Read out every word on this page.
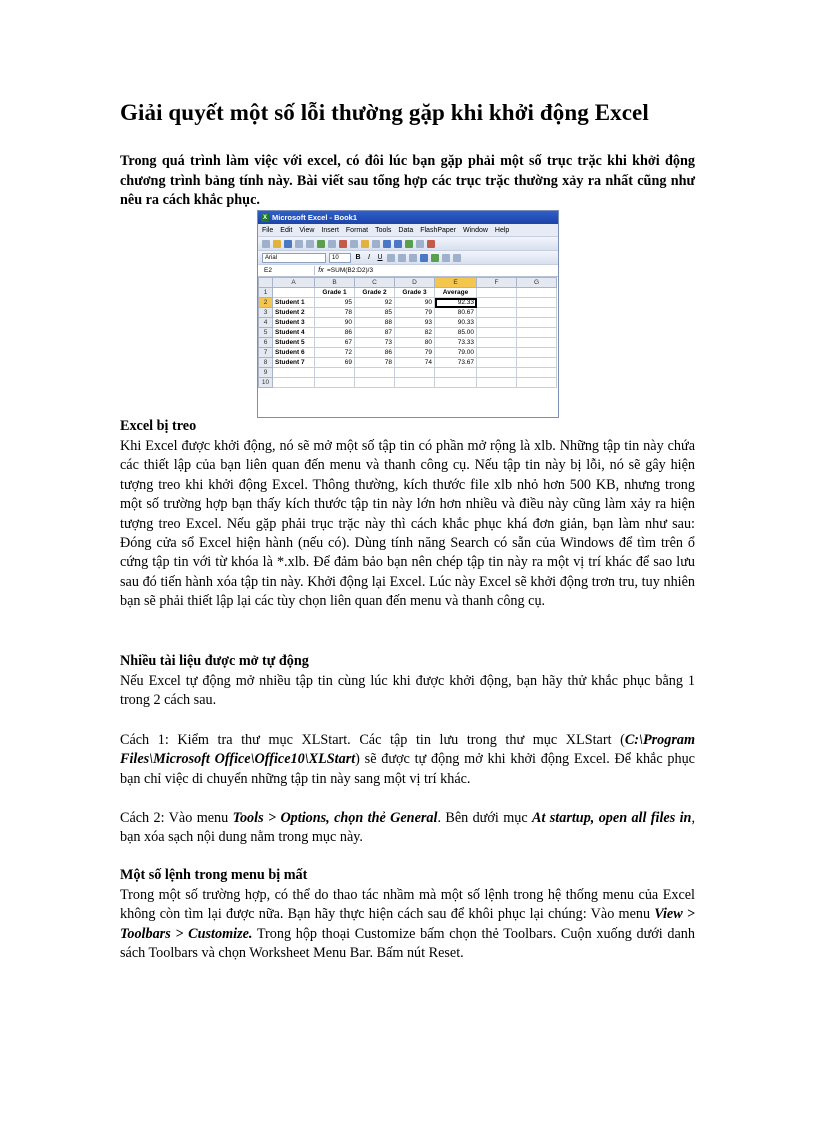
Giải quyết một số lỗi thường gặp khi khởi động Excel

Trong quá trình làm việc với excel, có đôi lúc bạn gặp phải một số trục trặc khi khởi động chương trình bảng tính này. Bài viết sau tổng hợp các trục trặc thường xảy ra nhất cũng như nêu ra cách khắc phục.

X Microsoft Excel - Book1
File Edit View Insert Format Tools Data FlashPaper Window Help
Arial	10	B	I	U
E2	fx =SUM(B2:D2)/3
	A	B	C	D	E	F	G
1		Grade 1	Grade 2	Grade 3	Average		
2	Student 1	95	92	90	92.33		
3	Student 2	78	85	79	80.67		
4	Student 3	90	88	93	90.33		
5	Student 4	86	87	82	85.00		
6	Student 5	67	73	80	73.33		
7	Student 6	72	86	79	79.00		
8	Student 7	69	78	74	73.67		
9							
10							
Excel bị treo

Khi Excel được khởi động, nó sẽ mở một số tập tin có phần mở rộng là xlb. Những tập tin này chứa các thiết lập của bạn liên quan đến menu và thanh công cụ. Nếu tập tin này bị lỗi, nó sẽ gây hiện tượng treo khi khởi động Excel. Thông thường, kích thước file xlb nhỏ hơn 500 KB, nhưng trong một số trường hợp bạn thấy kích thước tập tin này lớn hơn nhiều và điều này cũng làm xảy ra hiện tượng treo Excel. Nếu gặp phải trục trặc này thì cách khắc phục khá đơn giản, bạn làm như sau: Đóng cửa sổ Excel hiện hành (nếu có). Dùng tính năng Search có sẵn của Windows để tìm trên ổ cứng tập tin với từ khóa là *.xlb. Để đảm bảo bạn nên chép tập tin này ra một vị trí khác để sao lưu sau đó tiến hành xóa tập tin này. Khởi động lại Excel. Lúc này Excel sẽ khởi động trơn tru, tuy nhiên bạn sẽ phải thiết lập lại các tùy chọn liên quan đến menu và thanh công cụ.

Nhiều tài liệu được mở tự động

Nếu Excel tự động mở nhiều tập tin cùng lúc khi được khởi động, bạn hãy thử khắc phục bằng 1 trong 2 cách sau.

Cách 1: Kiểm tra thư mục XLStart. Các tập tin lưu trong thư mục XLStart (C:\Program Files\Microsoft Office\Office10\XLStart) sẽ được tự động mở khi khởi động Excel. Để khắc phục bạn chỉ việc di chuyển những tập tin này sang một vị trí khác.

Cách 2: Vào menu Tools > Options, chọn thẻ General. Bên dưới mục At startup, open all files in, bạn xóa sạch nội dung nằm trong mục này.

Một số lệnh trong menu bị mất

Trong một số trường hợp, có thể do thao tác nhầm mà một số lệnh trong hệ thống menu của Excel không còn tìm lại được nữa. Bạn hãy thực hiện cách sau để khôi phục lại chúng: Vào menu View > Toolbars > Customize. Trong hộp thoại Customize bấm chọn thẻ Toolbars. Cuộn xuống dưới danh sách Toolbars và chọn Worksheet Menu Bar. Bấm nút Reset.
